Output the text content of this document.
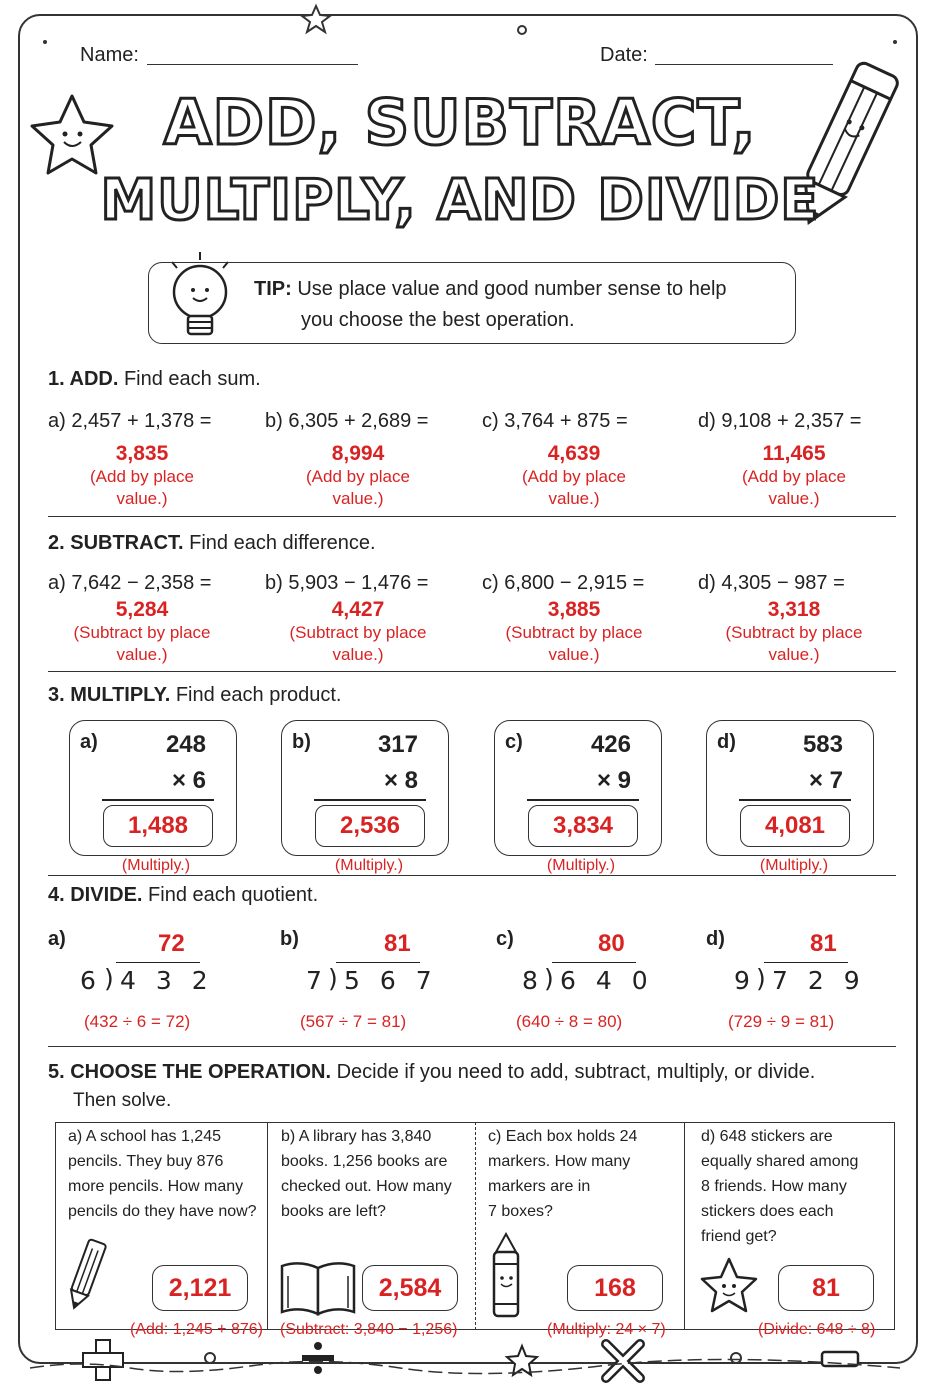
Name:	Date:
ADD, SUBTRACT,
MULTIPLY, AND DIVIDE
TIP: Use place value and good number sense to help
you choose the best operation.
1. ADD. Find each sum.
a) 2,457 + 1,378 =	b) 6,305 + 2,689 =	c) 3,764 + 875 =	d) 9,108 + 2,357 =
3,835
(Add by place
value.)
8,994
(Add by place
value.)
4,639
(Add by place
value.)
11,465
(Add by place
value.)
2. SUBTRACT. Find each difference.
a) 7,642 − 2,358 =	b) 5,903 − 1,476 =	c) 6,800 − 2,915 =	d) 4,305 − 987 =
5,284
(Subtract by place
value.)
4,427
(Subtract by place
value.)
3,885
(Subtract by place
value.)
3,318
(Subtract by place
value.)
3. MULTIPLY. Find each product.
a)	248
× 6
1,488
b)	317
× 8
2,536
c)	426
× 9
3,834
d)	583
× 7
4,081
(Multiply.)	(Multiply.)	(Multiply.)	(Multiply.)
4. DIVIDE. Find each quotient.
a)	72
6 ) 4 3 2
(432 ÷ 6 = 72)
b)	81
7 ) 5 6 7
(567 ÷ 7 = 81)
c)	80
8 ) 6 4 0
(640 ÷ 8 = 80)
d)	81
9 ) 7 2 9
(729 ÷ 9 = 81)
5. CHOOSE THE OPERATION. Decide if you need to add, subtract, multiply, or divide.
Then solve.
a) A school has 1,245
pencils. They buy 876
more pencils. How many
pencils do they have now?
b) A library has 3,840
books. 1,256 books are
checked out. How many
books are left?
c) Each box holds 24
markers. How many
markers are in
7 boxes?
d) 648 stickers are
equally shared among
8 friends. How many
stickers does each
friend get?
2,121	2,584	168	81
(Add: 1,245 + 876) (Subtract: 3,840 − 1,256)	(Multiply: 24 × 7)	(Divide: 648 ÷ 8)
